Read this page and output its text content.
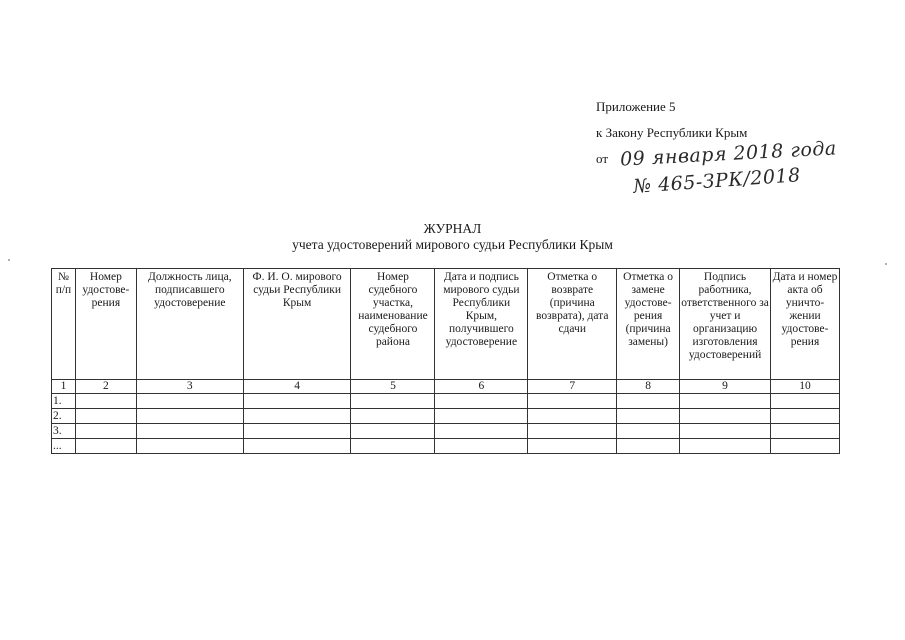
Приложение 5
к Закону Республики Крым
от 09 января 2018 года
№ 465-ЗРК/2018
ЖУРНАЛ
учета удостоверений мирового судьи Республики Крым
№ п/п	Номер удостове-рения	Должность лица, подписавшего удостоверение	Ф. И. О. мирового судьи Республики Крым	Номер судебного участка, наименование судебного района	Дата и подпись мирового судьи Республики Крым, получившего удостоверение	Отметка о возврате (причина возврата), дата сдачи	Отметка о замене удостове-рения (причина замены)	Подпись работника, ответственного за учет и организацию изготовления удостоверений	Дата и номер акта об уничто-жении удостове-рения
1	2	3	4	5	6	7	8	9	10
1.									
2.									
3.									
...									
